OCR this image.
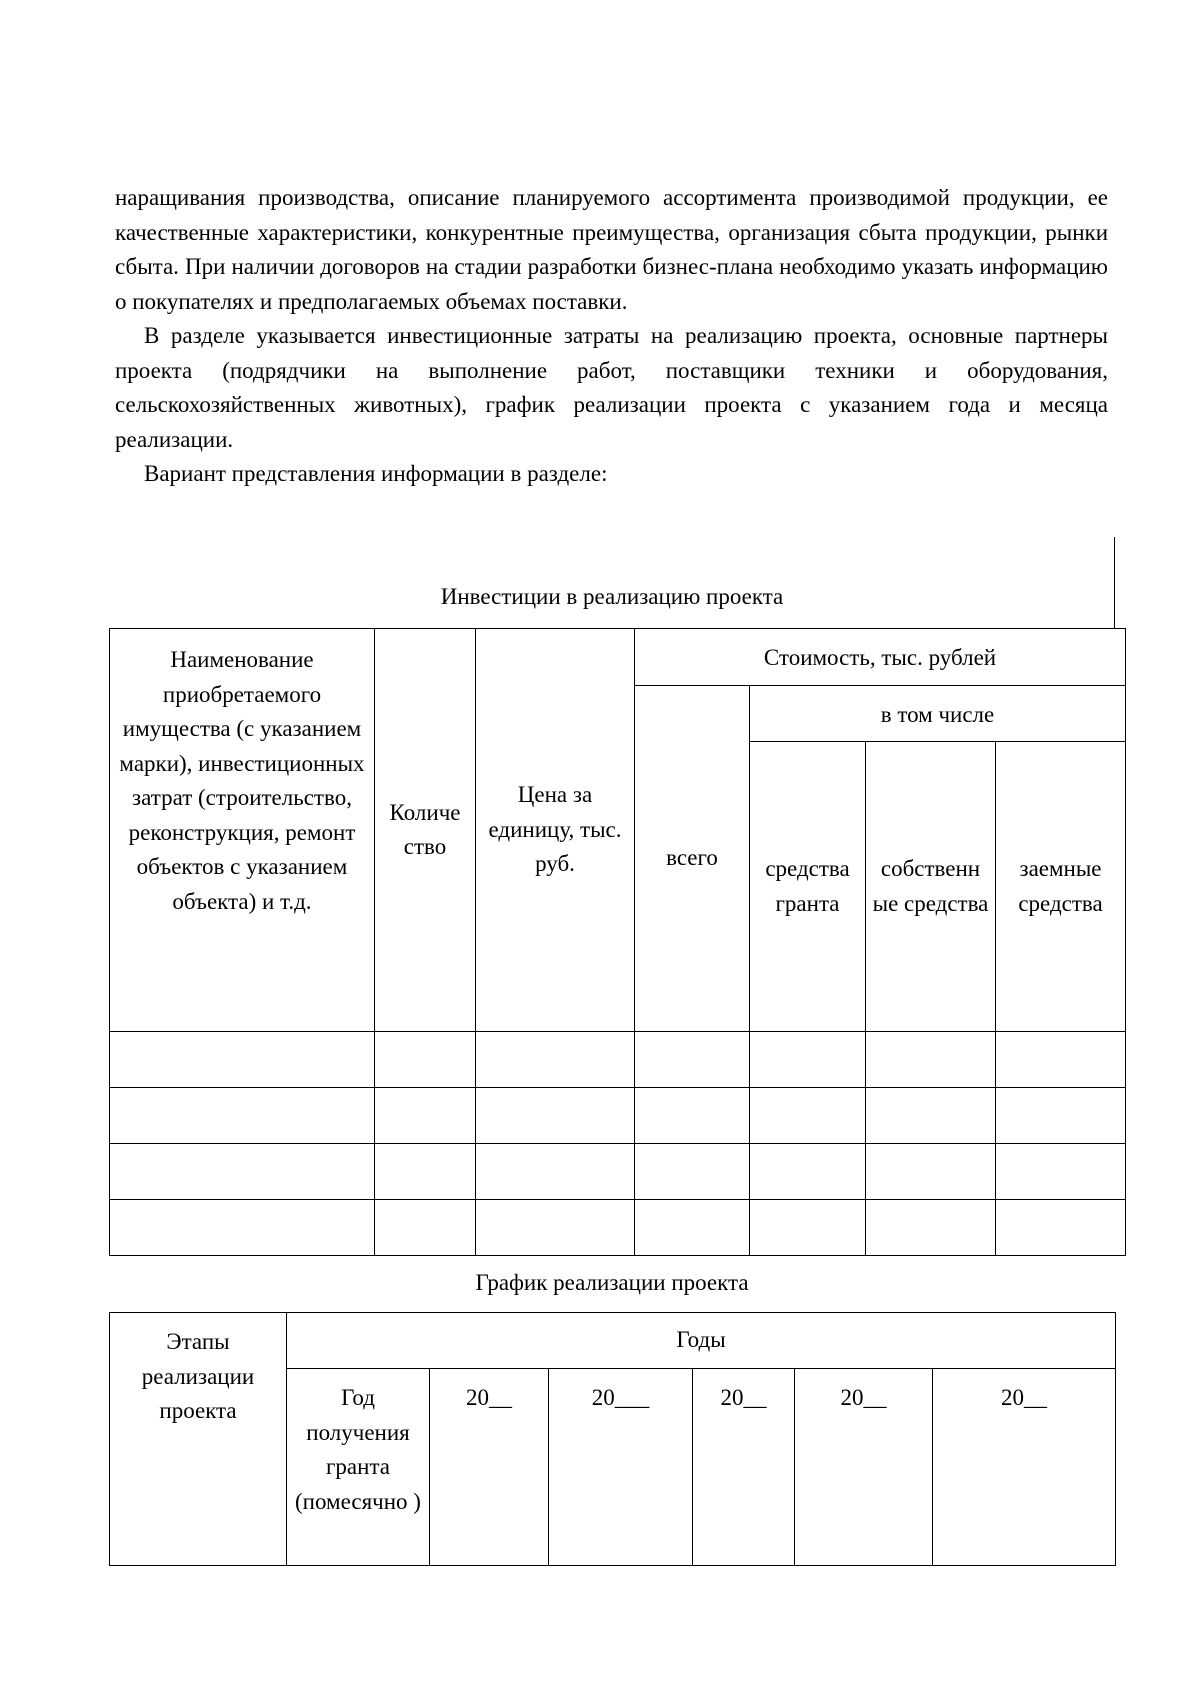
наращивания производства, описание планируемого ассортимента производимой продукции, ее качественные характеристики, конкурентные преимущества, организация сбыта продукции, рынки сбыта. При наличии договоров на стадии разработки бизнес-плана необходимо указать информацию о покупателях и предполагаемых объемах поставки.

В разделе указывается инвестиционные затраты на реализацию проекта, основные партнеры проекта (подрядчики на выполнение работ, поставщики техники и оборудования, сельскохозяйственных животных), график реализации проекта с указанием года и месяца реализации.

Вариант представления информации в разделе:

Инвестиции в реализацию проекта
Наименование приобретаемого имущества (с указанием марки), инвестиционных затрат (строительство, реконструкция, ремонт объектов с указанием объекта) и т.д.	Количе ство	Цена за единицу, тыс. руб.	Стоимость, тыс. рублей			
			всего	в том числе		
				средства гранта	собственн ые средства	заемные средства

График реализации проекта
Этапы реализации проекта	Годы					
	Год получения гранта (помесячно )	20__	20___	20__	20__	20__
